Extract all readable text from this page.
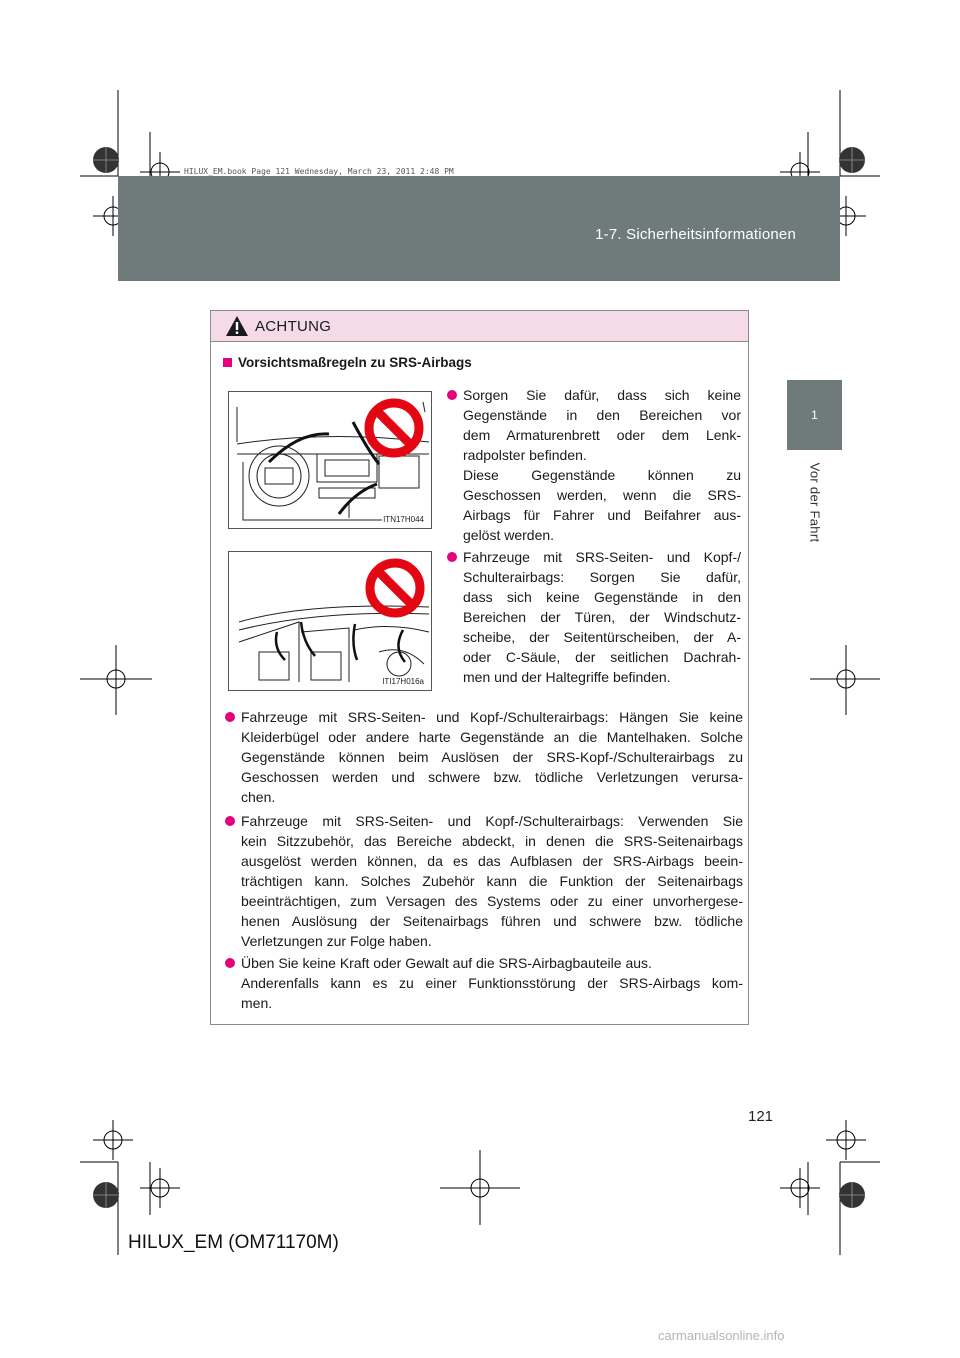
1-7. Sicherheitsinformationen
HILUX_EM.book Page 121 Wednesday, March 23, 2011 2:48 PM
1
Vor der Fahrt
ACHTUNG
Vorsichtsmaßregeln zu SRS-Airbags
ITN17H044
ITI17H016a
Sorgen Sie dafür, dass sich keine
Gegenstände in den Bereichen vor
dem Armaturenbrett oder dem Lenk-
radpolster befinden.
Diese Gegenstände können zu
Geschossen werden, wenn die SRS-
Airbags für Fahrer und Beifahrer aus-
gelöst werden.
Fahrzeuge mit SRS-Seiten- und Kopf-/
Schulterairbags: Sorgen Sie dafür,
dass sich keine Gegenstände in den
Bereichen der Türen, der Windschutz-
scheibe, der Seitentürscheiben, der A-
oder C-Säule, der seitlichen Dachrah-
men und der Haltegriffe befinden.
Fahrzeuge mit SRS-Seiten- und Kopf-/Schulterairbags: Hängen Sie keine
Kleiderbügel oder andere harte Gegenstände an die Mantelhaken. Solche
Gegenstände können beim Auslösen der SRS-Kopf-/Schulterairbags zu
Geschossen werden und schwere bzw. tödliche Verletzungen verursa-
chen.
Fahrzeuge mit SRS-Seiten- und Kopf-/Schulterairbags: Verwenden Sie
kein Sitzzubehör, das Bereiche abdeckt, in denen die SRS-Seitenairbags
ausgelöst werden können, da es das Aufblasen der SRS-Airbags beein-
trächtigen kann. Solches Zubehör kann die Funktion der Seitenairbags
beeinträchtigen, zum Versagen des Systems oder zu einer unvorhergese-
henen Auslösung der Seitenairbags führen und schwere bzw. tödliche
Verletzungen zur Folge haben.
Üben Sie keine Kraft oder Gewalt auf die SRS-Airbagbauteile aus.
Anderenfalls kann es zu einer Funktionsstörung der SRS-Airbags kom-
men.
121
HILUX_EM (OM71170M)
carmanualsonline.info
